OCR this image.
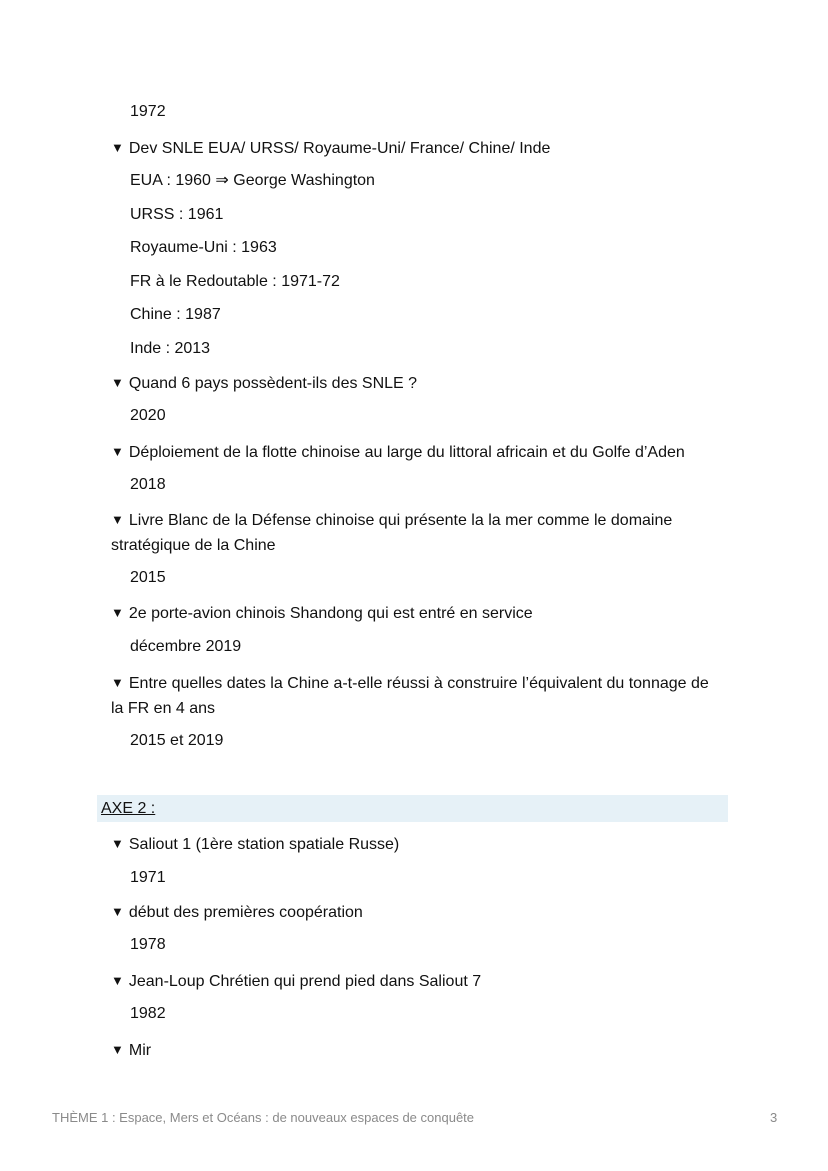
1972
▼ Dev SNLE EUA/ URSS/ Royaume-Uni/ France/ Chine/ Inde
EUA : 1960 ⇒ George Washington
URSS : 1961
Royaume-Uni : 1963
FR à le Redoutable : 1971-72
Chine : 1987
Inde : 2013
▼ Quand 6 pays possèdent-ils des SNLE ?
2020
▼ Déploiement de la flotte chinoise au large du littoral africain et du Golfe d’Aden
2018
▼ Livre Blanc de la Défense chinoise qui présente la la mer comme le domaine stratégique de la Chine
2015
▼ 2e porte-avion chinois Shandong qui est entré en service
décembre 2019
▼ Entre quelles dates la Chine a-t-elle réussi à construire l’équivalent du tonnage de la FR en 4 ans
2015 et 2019
AXE 2 :
▼ Saliout 1 (1ère station spatiale Russe)
1971
▼ début des premières coopération
1978
▼ Jean-Loup Chrétien qui prend pied dans Saliout 7
1982
▼ Mir
THÈME 1 : Espace, Mers et Océans : de nouveaux espaces de conquête	3
